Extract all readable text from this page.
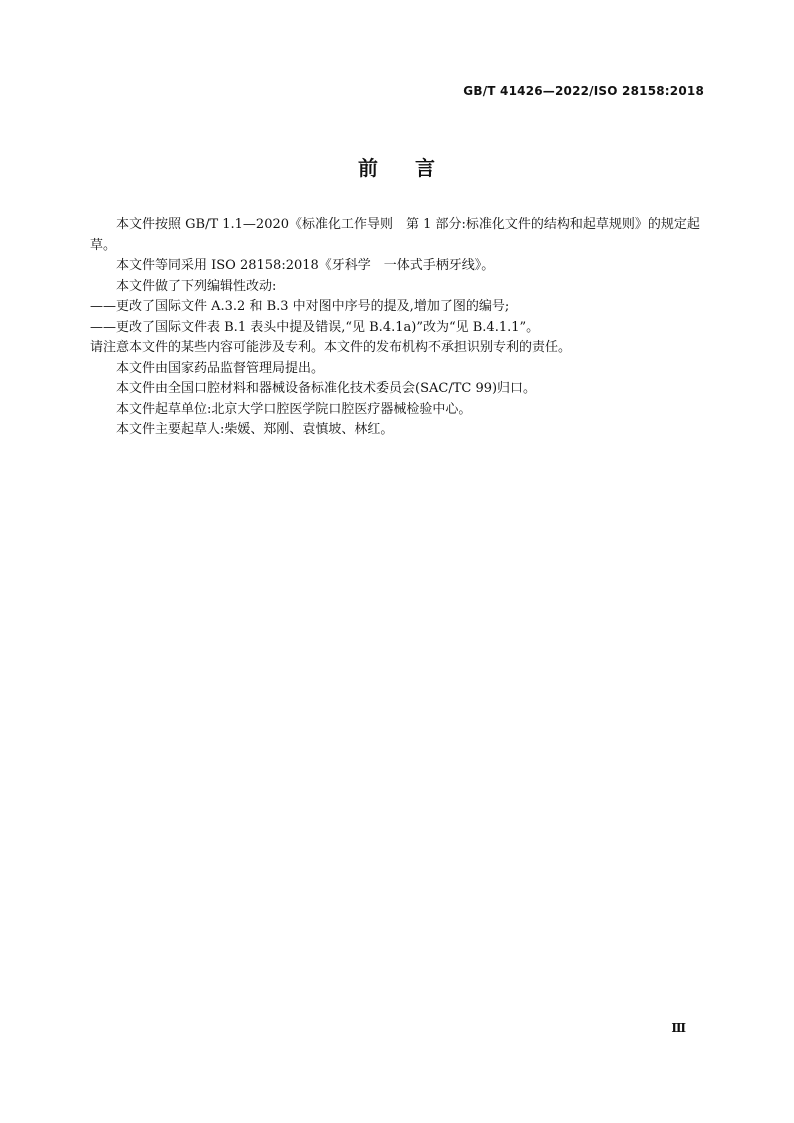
GB/T 41426—2022/ISO 28158:2018
前 言

本文件按照 GB/T 1.1—2020《标准化工作导则　第 1 部分:标准化文件的结构和起草规则》的规定起草。

本文件等同采用 ISO 28158:2018《牙科学　一体式手柄牙线》。

本文件做了下列编辑性改动:

——更改了国际文件 A.3.2 和 B.3 中对图中序号的提及,增加了图的编号;

——更改了国际文件表 B.1 表头中提及错误,“见 B.4.1a)”改为“见 B.4.1.1”。

请注意本文件的某些内容可能涉及专利。本文件的发布机构不承担识别专利的责任。

本文件由国家药品监督管理局提出。

本文件由全国口腔材料和器械设备标准化技术委员会(SAC/TC 99)归口。

本文件起草单位:北京大学口腔医学院口腔医疗器械检验中心。

本文件主要起草人:柴媛、郑刚、袁慎坡、林红。

Ⅲ
